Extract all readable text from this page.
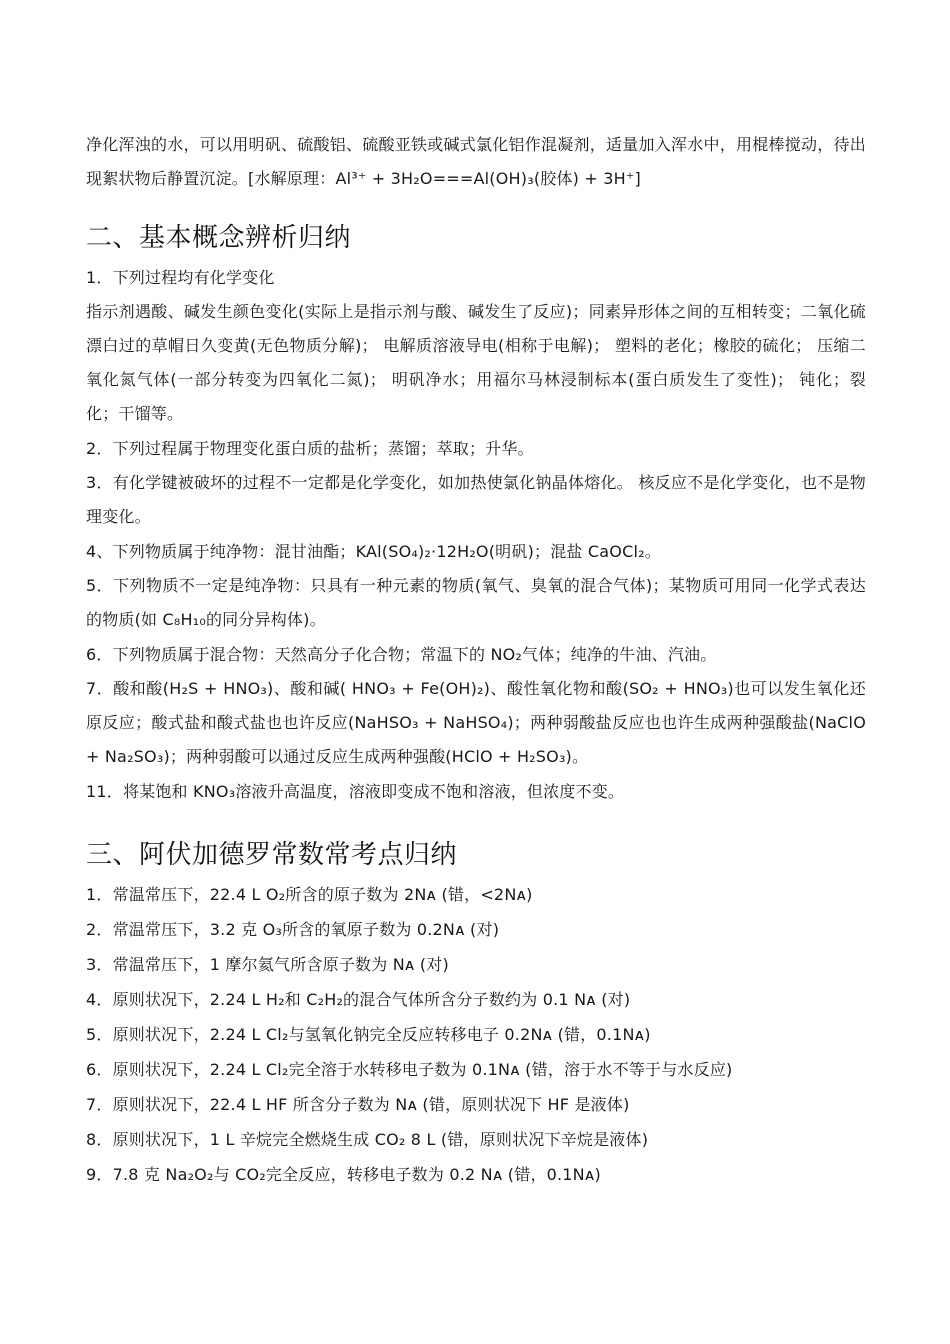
净化浑浊的水，可以用明矾、硫酸铝、硫酸亚铁或碱式氯化铝作混凝剂，适量加入浑水中，用棍棒搅动，待出现絮状物后静置沉淀。[水解原理：Al³⁺ + 3H₂O===Al(OH)₃(胶体) + 3H⁺]

二、基本概念辨析归纳

1．下列过程均有化学变化

指示剂遇酸、碱发生颜色变化(实际上是指示剂与酸、碱发生了反应)；同素异形体之间的互相转变；二氧化硫漂白过的草帽日久变黄(无色物质分解)； 电解质溶液导电(相称于电解)； 塑料的老化；橡胶的硫化； 压缩二氧化氮气体(一部分转变为四氧化二氮)； 明矾净水；用福尔马林浸制标本(蛋白质发生了变性)； 钝化；裂化；干馏等。

2．下列过程属于物理变化蛋白质的盐析；蒸馏；萃取；升华。

3．有化学键被破坏的过程不一定都是化学变化，如加热使氯化钠晶体熔化。 核反应不是化学变化，也不是物理变化。

4、下列物质属于纯净物：混甘油酯；KAl(SO₄)₂·12H₂O(明矾)；混盐 CaOCl₂。

5．下列物质不一定是纯净物：只具有一种元素的物质(氧气、臭氧的混合气体)；某物质可用同一化学式表达的物质(如 C₈H₁₀的同分异构体)。

6．下列物质属于混合物：天然高分子化合物；常温下的 NO₂气体；纯净的牛油、汽油。

7．酸和酸(H₂S + HNO₃)、酸和碱( HNO₃ + Fe(OH)₂)、酸性氧化物和酸(SO₂ + HNO₃)也可以发生氧化还原反应；酸式盐和酸式盐也也许反应(NaHSO₃ + NaHSO₄)；两种弱酸盐反应也也许生成两种强酸盐(NaClO + Na₂SO₃)；两种弱酸可以通过反应生成两种强酸(HClO + H₂SO₃)。

11．将某饱和 KNO₃溶液升高温度，溶液即变成不饱和溶液，但浓度不变。

三、阿伏加德罗常数常考点归纳

1．常温常压下，22.4 L O₂所含的原子数为 2Nᴀ (错，<2Nᴀ)

2．常温常压下，3.2 克 O₃所含的氧原子数为 0.2Nᴀ (对)

3．常温常压下，1 摩尔氦气所含原子数为 Nᴀ (对)

4．原则状况下，2.24 L H₂和 C₂H₂的混合气体所含分子数约为 0.1 Nᴀ (对)

5．原则状况下，2.24 L Cl₂与氢氧化钠完全反应转移电子 0.2Nᴀ (错，0.1Nᴀ)

6．原则状况下，2.24 L Cl₂完全溶于水转移电子数为 0.1Nᴀ (错，溶于水不等于与水反应)

7．原则状况下，22.4 L HF 所含分子数为 Nᴀ (错，原则状况下 HF 是液体)

8．原则状况下，1 L 辛烷完全燃烧生成 CO₂ 8 L (错，原则状况下辛烷是液体)

9．7.8 克 Na₂O₂与 CO₂完全反应，转移电子数为 0.2 Nᴀ (错，0.1Nᴀ)
